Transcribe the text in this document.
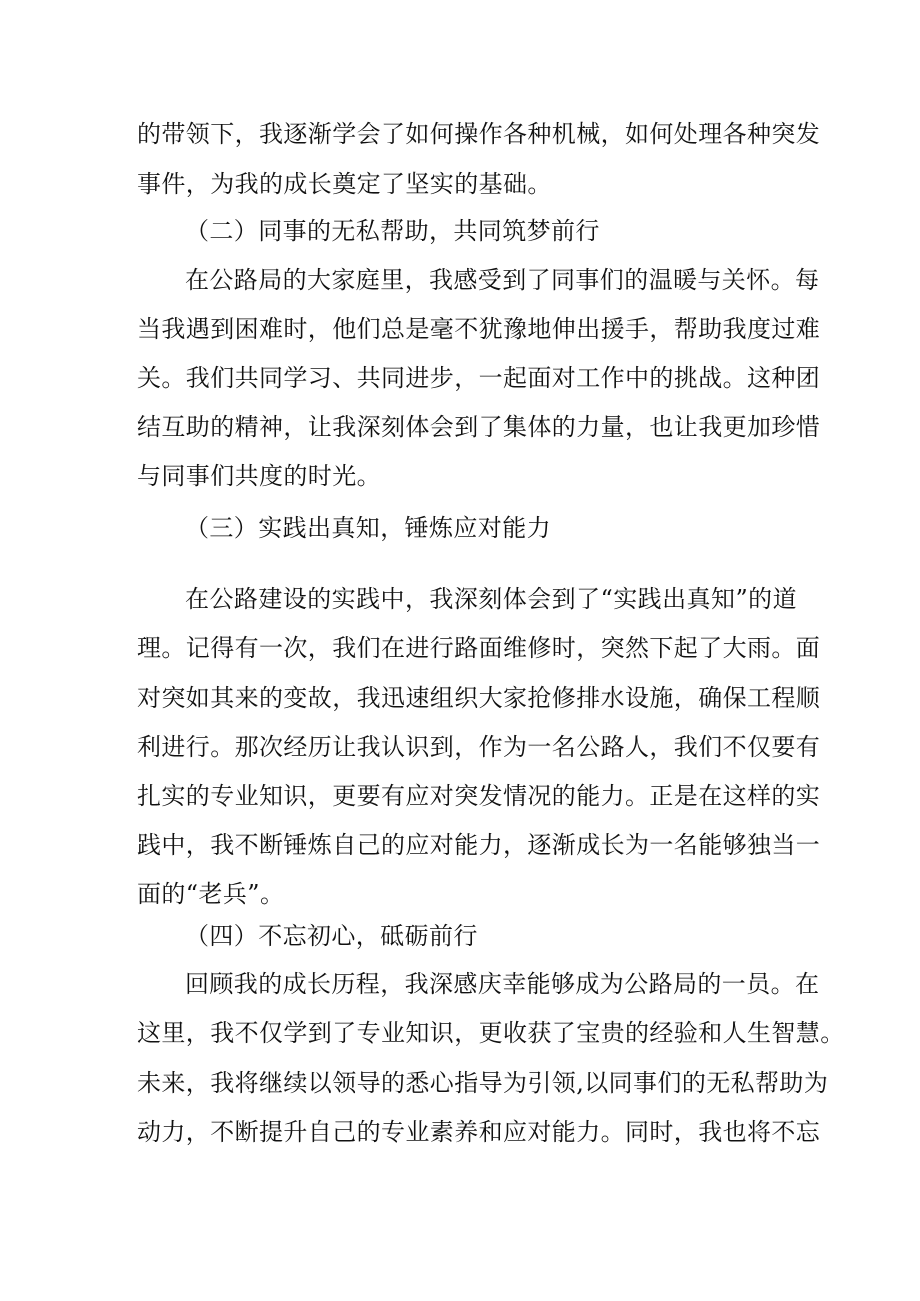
的带领下，我逐渐学会了如何操作各种机械，如何处理各种突发
事件，为我的成长奠定了坚实的基础。
（二）同事的无私帮助，共同筑梦前行
在公路局的大家庭里，我感受到了同事们的温暖与关怀。每
当我遇到困难时，他们总是毫不犹豫地伸出援手，帮助我度过难
关。我们共同学习、共同进步，一起面对工作中的挑战。这种团
结互助的精神，让我深刻体会到了集体的力量，也让我更加珍惜
与同事们共度的时光。
（三）实践出真知，锤炼应对能力
在公路建设的实践中，我深刻体会到了“实践出真知”的道
理。记得有一次，我们在进行路面维修时，突然下起了大雨。面
对突如其来的变故，我迅速组织大家抢修排水设施，确保工程顺
利进行。那次经历让我认识到，作为一名公路人，我们不仅要有
扎实的专业知识，更要有应对突发情况的能力。正是在这样的实
践中，我不断锤炼自己的应对能力，逐渐成长为一名能够独当一
面的“老兵”。
（四）不忘初心，砥砺前行
回顾我的成长历程，我深感庆幸能够成为公路局的一员。在
这里，我不仅学到了专业知识，更收获了宝贵的经验和人生智慧。
未来，我将继续以领导的悉心指导为引领,以同事们的无私帮助为
动力，不断提升自己的专业素养和应对能力。同时，我也将不忘
